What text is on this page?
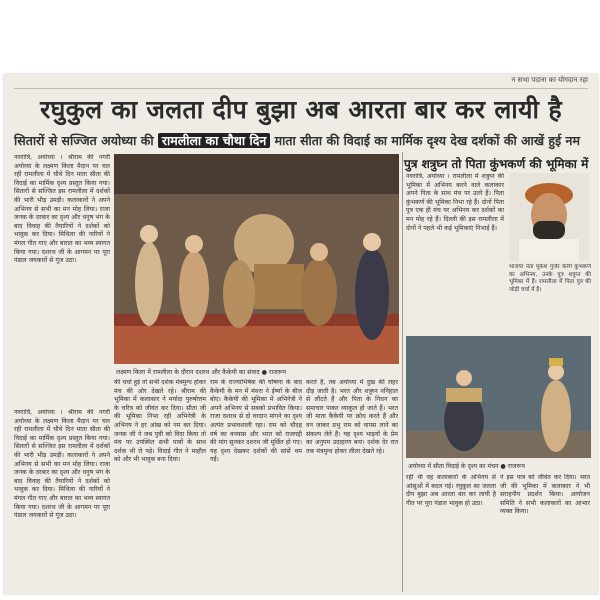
न सभा पदाना का योगदान रहा
रघुकुल का जलता दीप बुझा अब आरता बार कर लायी है
सितारों से सज्जित अयोध्या की रामलीला का चौथा दिन माता सीता की विदाई का मार्मिक दृश्य देख दर्शकों की आखें हुई नम
नवरात्रि, अयोध्या । श्रीराम की नगरी अयोध्या के लक्ष्मण किला मैदान पर चल रही रामलीला में चौथे दिन माता सीता की विदाई का मार्मिक दृश्य प्रस्तुत किया गया। सितारों से सज्जित इस रामलीला में दर्शकों की भारी भीड़ उमड़ी। कलाकारों ने अपने अभिनय से सभी का मन मोह लिया। राजा जनक के दरबार का दृश्य और धनुष भंग के बाद विवाह की तैयारियों ने दर्शकों को भावुक कर दिया। मिथिला की नारियों ने मंगल गीत गाए और बारात का भव्य स्वागत किया गया। दशरथ जी के आगमन पर पूरा पंडाल जयकारों से गूंज उठा।
लक्ष्मण किला में रामलीला के दौरान दशरथ और कैकेयी का संवाद ● राजरूप
नवरात्रि, अयोध्या । श्रीराम की नगरी अयोध्या के लक्ष्मण किला मैदान पर चल रही रामलीला में चौथे दिन माता सीता की विदाई का मार्मिक दृश्य प्रस्तुत किया गया। सितारों से सज्जित इस रामलीला में दर्शकों की भारी भीड़ उमड़ी। कलाकारों ने अपने अभिनय से सभी का मन मोह लिया। राजा जनक के दरबार का दृश्य और धनुष भंग के बाद विवाह की तैयारियों ने दर्शकों को भावुक कर दिया। मिथिला की नारियों ने मंगल गीत गाए और बारात का भव्य स्वागत किया गया। दशरथ जी के आगमन पर पूरा पंडाल जयकारों से गूंज उठा।
की चर्चा हुई तो सभी दर्शक मंत्रमुग्ध होकर मंच की ओर देखते रहे। श्रीराम की भूमिका में कलाकार ने मर्यादा पुरुषोत्तम के चरित्र को जीवंत कर दिया। सीता जी की भूमिका निभा रही अभिनेत्री के अभिनय ने हर आंख को नम कर दिया। जनक जी ने जब पुत्री को विदा किया तो मंच पर उपस्थित सभी पात्रों के साथ दर्शक भी रो पड़े। विदाई गीत ने माहौल को और भी भावुक बना दिया।
राम के राज्याभिषेक की घोषणा के बाद कैकेयी के मन में मंथरा ने ईर्ष्या के बीज बोए। कैकेयी की भूमिका में अभिनेत्री ने अपने अभिनय से सबको प्रभावित किया। राजा दशरथ से दो वरदान मांगने का दृश्य अत्यंत प्रभावशाली रहा। राम को चौदह वर्ष का वनवास और भरत को राजगद्दी की मांग सुनकर दशरथ जी मूर्छित हो गए। यह दृश्य देखकर दर्शकों की सांसें थम गईं।
करते हैं, तब अयोध्या में दुख की लहर दौड़ जाती है। भरत और शत्रुघ्न ननिहाल से लौटते हैं और पिता के निधन का समाचार पाकर व्याकुल हो जाते हैं। भरत जी माता कैकेयी पर क्रोध करते हैं और वन जाकर प्रभु राम को वापस लाने का संकल्प लेते हैं। यह दृश्य भाइयों के प्रेम का अनुपम उदाहरण बना। दर्शक देर रात तक मंत्रमुग्ध होकर लीला देखते रहे।
पुत्र शत्रुघ्न तो पिता कुंभकर्ण की भूमिका में
नवरात्रि, अयोध्या । रामलीला में शत्रुघ्न की भूमिका में अभिनय करने वाले कलाकार अपने पिता के साथ मंच पर उतरे हैं। पिता कुंभकर्ण की भूमिका निभा रहे हैं। दोनों पिता पुत्र एक ही मंच पर अभिनय कर दर्शकों का मन मोह रहे हैं। दिल्ली की इस रामलीला में दोनों ने पहले भी कई भूमिकाएं निभाई हैं।
भाजपा नेता मुकेश गुर्जर करेंगे कुंभकर्ण का अभिनय, उनके पुत्र शत्रुघ्न की भूमिका में हैं। रामलीला में पिता पुत्र की जोड़ी चर्चा में है।
अयोध्या में सीता विदाई के दृश्य का मंचन ● राजरूप
रही थी वह कलाकारों के अभिनय से आंसुओं में बदल गई। रघुकुल का जलता दीप बुझा अब आरता बार कर लायी है गीत पर पूरा पंडाल भावुक हो उठा।
ने इस पात्र को जीवंत कर दिया। भरत जी की भूमिका में कलाकार ने भी सराहनीय प्रदर्शन किया। आयोजन समिति ने सभी कलाकारों का आभार व्यक्त किया।
